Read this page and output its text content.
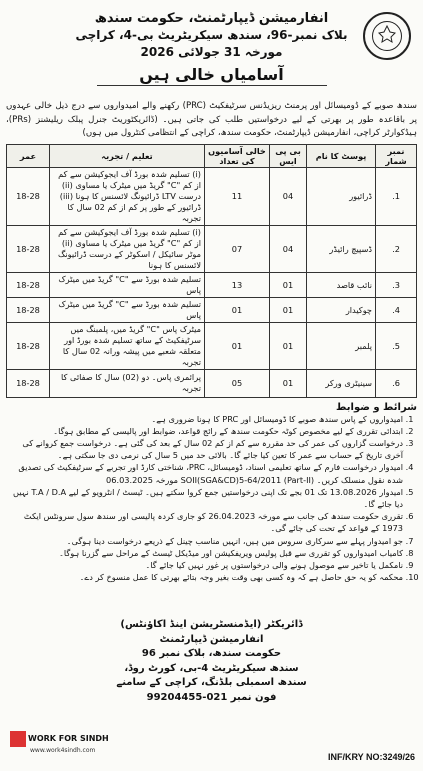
انفارمیشن ڈیپارٹمنٹ، حکومت سندھ
بلاک نمبر-96، سندھ سیکریٹریٹ بی-4، کراچی
مورخہ 31 جولائی 2026
آسامیاں خالی ہیں
سندھ صوبے کے ڈومیسائل اور پرمنٹ ریزیڈنس سرٹیفکیٹ (PRC) رکھنے والے امیدواروں سے درج ذیل خالی عہدوں پر باقاعدہ طور پر بھرتی کے لیے درخواستیں طلب کی جاتی ہیں۔ (ڈائریکٹوریٹ جنرل پبلک ریلیشنز (PRs)، ہیڈکوارٹر کراچی، انفارمیشن ڈیپارٹمنٹ، حکومت سندھ، کراچی کے انتظامی کنٹرول میں ہوں)
نمبر شمار	پوسٹ کا نام	بی پی ایس	خالی آسامیوں کی تعداد	تعلیم / تجربہ	عمر
1.	ڈرائیور	04	11	(i) تسلیم شدہ بورڈ آف ایجوکیشن سے کم از کم "C" گریڈ میں میٹرک یا مساوی (ii) درست LTV ڈرائیونگ لائسنس کا ہونا (iii) ڈرائیور کے طور پر کم از کم 02 سال کا تجربہ	18-28
2.	ڈسپیچ رائیڈر	04	07	(i) تسلیم شدہ بورڈ آف ایجوکیشن سے کم از کم "C" گریڈ میں میٹرک یا مساوی (ii) موٹر سائیکل / اسکوٹر کے درست ڈرائیونگ لائسنس کا ہونا	18-28
3.	نائب قاصد	01	13	تسلیم شدہ بورڈ سے "C" گریڈ میں میٹرک پاس	18-28
4.	چوکیدار	01	01	تسلیم شدہ بورڈ سے "C" گریڈ میں میٹرک پاس	18-28
5.	پلمبر	01	01	میٹرک پاس "C" گریڈ میں، پلمبنگ میں سرٹیفکیٹ کے ساتھ تسلیم شدہ بورڈ اور متعلقہ شعبے میں پیشہ ورانہ 02 سال کا تجربہ	18-28
6.	سینیٹری ورکر	01	05	پرائمری پاس۔ دو (02) سال کا صفائی کا تجربہ	18-28
شرائط و ضوابط
1. امیدواروں کے پاس سندھ صوبے کا ڈومیسائل اور PRC کا ہونا ضروری ہے۔
2. ابتدائی تقرری کے لیے مخصوص کوٹہ حکومت سندھ کے رائج قواعد، ضوابط اور پالیسی کے مطابق ہوگا۔
3. درخواست گزاروں کی عمر کی حد مقررہ سے کم از کم 02 سال کے بعد کی گئی ہے۔ درخواست جمع کروانے کی آخری تاریخ کے حساب سے عمر کا تعین کیا جائے گا۔ بالائی حد میں 5 سال کی نرمی دی جا سکتی ہے۔
4. امیدوار درخواست فارم کے ساتھ تعلیمی اسناد، ڈومیسائل، PRC، شناختی کارڈ اور تجربے کے سرٹیفکیٹ کی تصدیق شدہ نقول منسلک کریں۔ SOII(SGA&CD)5-64/2011 (Part-II) مورخہ 06.03.2025
5. امیدوار 13.08.2026 تک 01 بجے تک اپنی درخواستیں جمع کروا سکتے ہیں۔ ٹیسٹ / انٹرویو کے لیے T.A / D.A نہیں دیا جائے گا۔
6. تقرری حکومت سندھ کی جانب سے مورخہ 26.04.2023 کو جاری کردہ پالیسی اور سندھ سول سرونٹس ایکٹ 1973 کے قواعد کے تحت کی جائے گی۔
7. جو امیدوار پہلے سے سرکاری سروس میں ہیں، انہیں مناسب چینل کے ذریعے درخواست دینا ہوگی۔
8. کامیاب امیدواروں کو تقرری سے قبل پولیس ویریفکیشن اور میڈیکل ٹیسٹ کے مراحل سے گزرنا ہوگا۔
9. نامکمل یا تاخیر سے موصول ہونے والی درخواستوں پر غور نہیں کیا جائے گا۔
10. محکمہ کو یہ حق حاصل ہے کہ وہ کسی بھی وقت بغیر وجہ بتائے بھرتی کا عمل منسوخ کر دے۔
ڈائریکٹر (ایڈمنسٹریشن اینڈ اکاؤنٹس)
انفارمیشن ڈیپارٹمنٹ
حکومت سندھ، بلاک نمبر 96
سندھ سیکریٹریٹ 4-بی، کورٹ روڈ،
سندھ اسمبلی بلڈنگ، کراچی کے سامنے
فون نمبر 021-99204455
WORK FOR SINDH
www.work4sindh.com
INF/KRY NO:3249/26
